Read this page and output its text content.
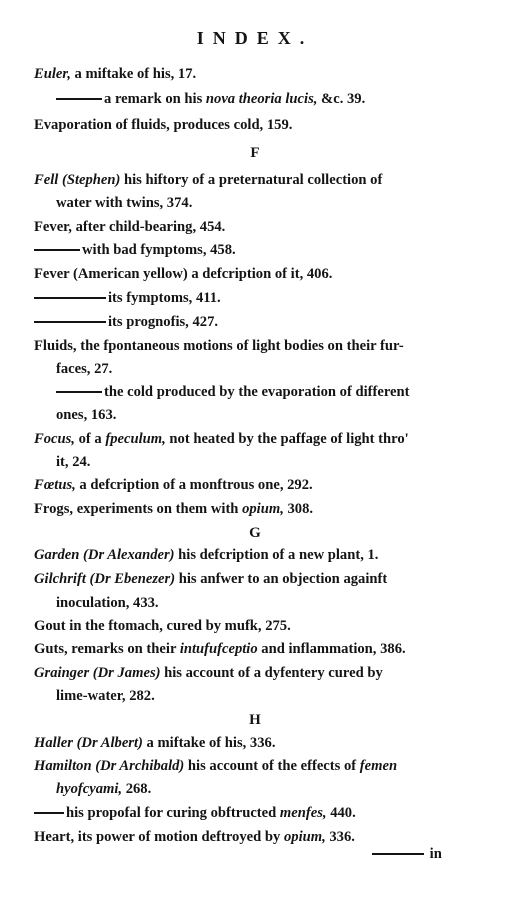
INDEX.
Euler, a miftake of his, 17.
a remark on his nova theoria lucis, &c. 39.
Evaporation of fluids, produces cold, 159.
F
Fell (Stephen) his hiftory of a preternatural collection of
water with twins, 374.
Fever, after child-bearing, 454.
with bad fymptoms, 458.
Fever (American yellow) a defcription of it, 406.
its fymptoms, 411.
its prognofis, 427.
Fluids, the fpontaneous motions of light bodies on their fur-
faces, 27.
the cold produced by the evaporation of different
ones, 163.
Focus, of a fpeculum, not heated by the paffage of light thro'
it, 24.
Fœtus, a defcription of a monftrous one, 292.
Frogs, experiments on them with opium, 308.
G
Garden (Dr Alexander) his defcription of a new plant, 1.
Gilchrift (Dr Ebenezer) his anfwer to an objection againft
inoculation, 433.
Gout in the ftomach, cured by mufk, 275.
Guts, remarks on their intufufceptio and inflammation, 386.
Grainger (Dr James) his account of a dyfentery cured by
lime-water, 282.
H
Haller (Dr Albert) a miftake of his, 336.
Hamilton (Dr Archibald) his account of the effects of femen
hyofcyami, 268.
his propofal for curing obftructed menfes, 440.
Heart, its power of motion deftroyed by opium, 336.
in
